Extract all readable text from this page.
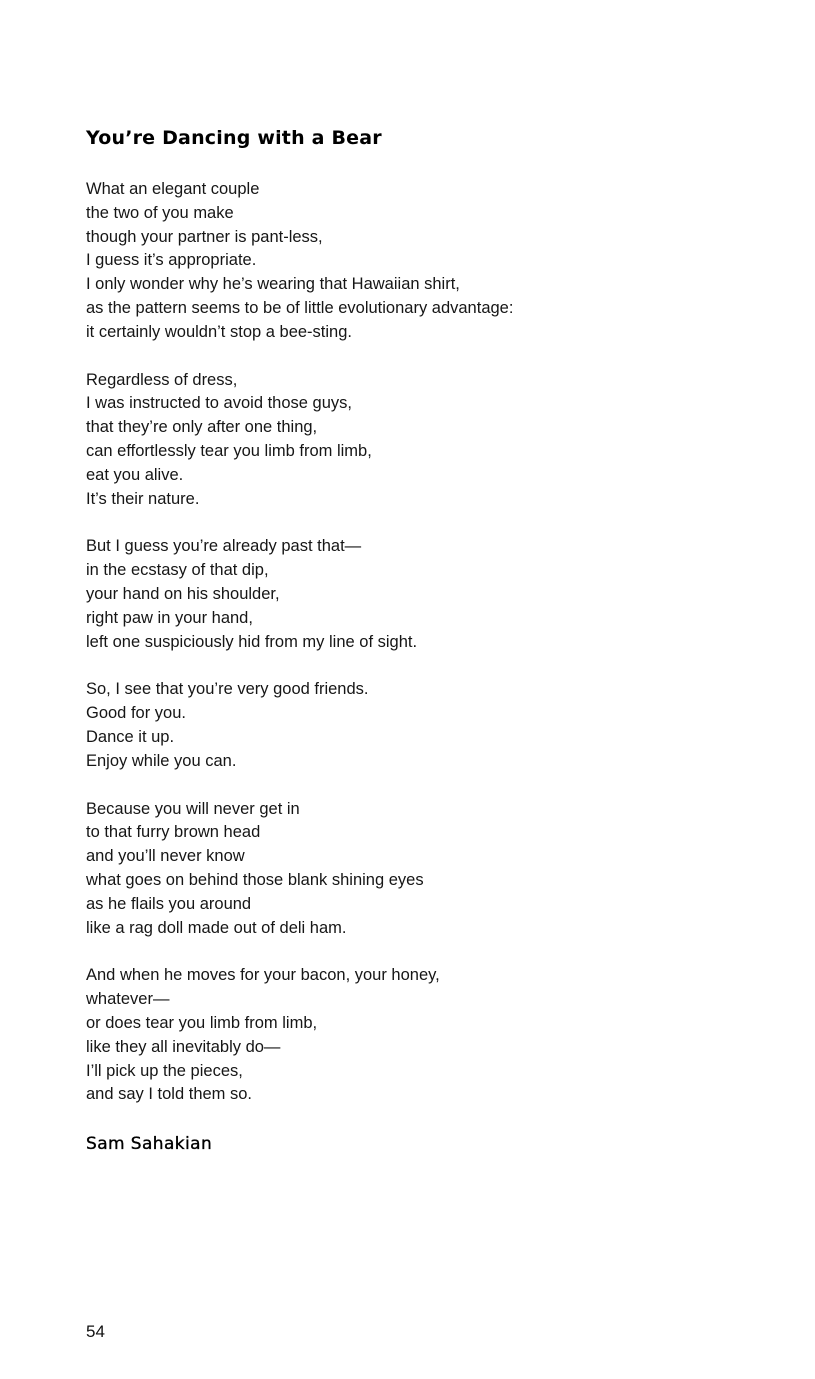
You’re Dancing with a Bear
What an elegant couple
the two of you make
though your partner is pant-less,
I guess it’s appropriate.
I only wonder why he’s wearing that Hawaiian shirt,
as the pattern seems to be of little evolutionary advantage:
it certainly wouldn’t stop a bee-sting.
Regardless of dress,
I was instructed to avoid those guys,
that they’re only after one thing,
can effortlessly tear you limb from limb,
eat you alive.
It’s their nature.
But I guess you’re already past that—
in the ecstasy of that dip,
your hand on his shoulder,
right paw in your hand,
left one suspiciously hid from my line of sight.
So, I see that you’re very good friends.
Good for you.
Dance it up.
Enjoy while you can.
Because you will never get in
to that furry brown head
and you’ll never know
what goes on behind those blank shining eyes
as he flails you around
like a rag doll made out of deli ham.
And when he moves for your bacon, your honey,
whatever—
or does tear you limb from limb,
like they all inevitably do—
I’ll pick up the pieces,
and say I told them so.

Sam Sahakian

54
